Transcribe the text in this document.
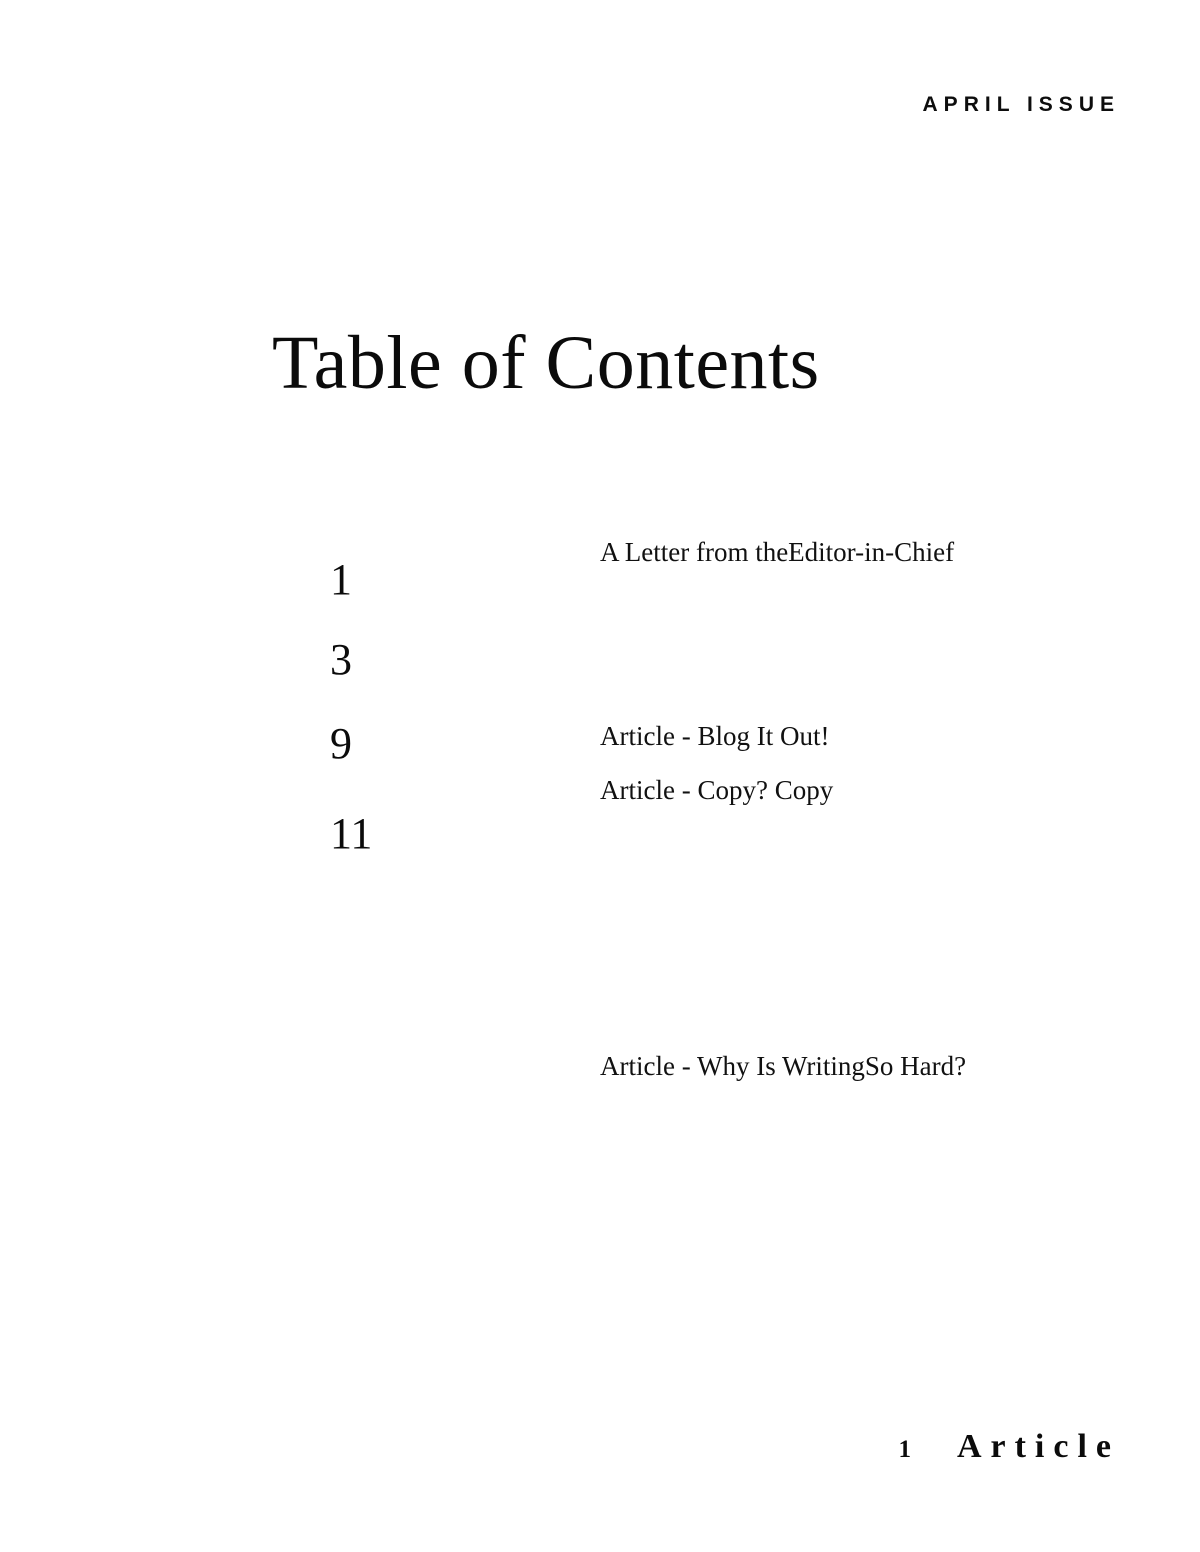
APRIL ISSUE
Table of Contents
1
A Letter from theEditor-in-Chief
3
Article - Copy? Copy
9	Article - Blog It Out!
11
Article - Why Is WritingSo Hard?
1 Article
